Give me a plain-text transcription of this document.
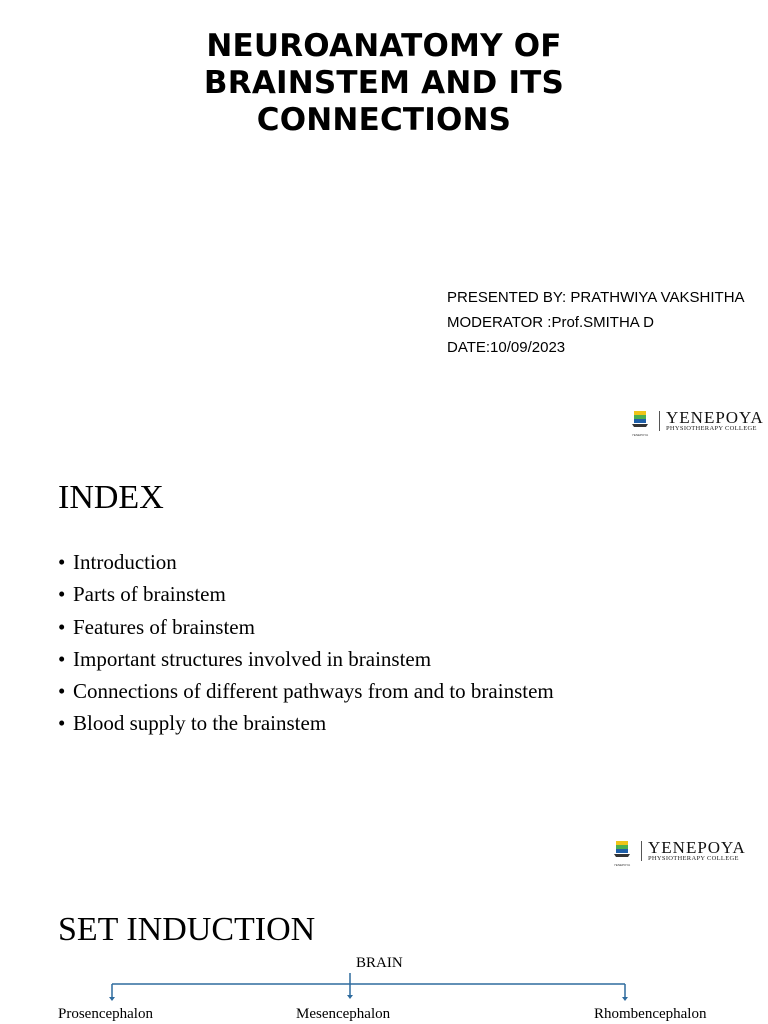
NEUROANATOMY OF BRAINSTEM AND ITS CONNECTIONS
PRESENTED BY: PRATHWIYA VAKSHITHA
MODERATOR :Prof.SMITHA D
DATE:10/09/2023
YENEPOYA
YENEPOYA
PHYSIOTHERAPY COLLEGE
INDEX
• Introduction
• Parts of brainstem
• Features of brainstem
• Important structures involved in brainstem
• Connections of different pathways from and to brainstem
• Blood supply to the brainstem
YENEPOYA
YENEPOYA
PHYSIOTHERAPY COLLEGE
SET INDUCTION
BRAIN
Prosencephalon	Mesencephalon	Rhombencephalon
